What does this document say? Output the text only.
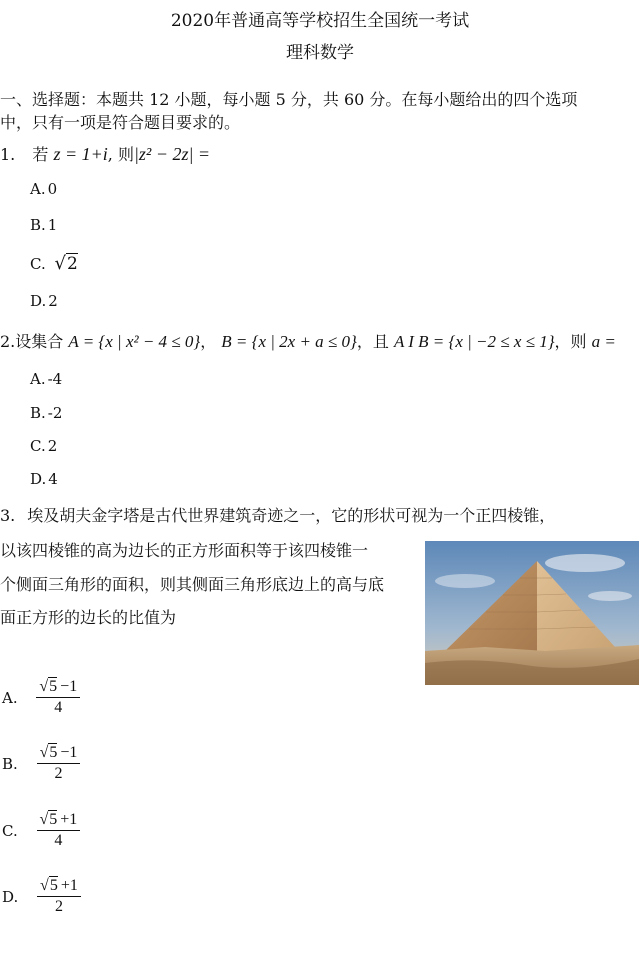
2020年普通高等学校招生全国统一考试
理科数学
一、选择题：本题共 12 小题，每小题 5 分，共 60 分。在每小题给出的四个选项
中，只有一项是符合题目要求的。
1. 若 z = 1+i, 则|z² − 2z| =
A. 0
B. 1
C. √2
D. 2
2.设集合 A = {x | x² − 4 ≤ 0}， B = {x | 2x + a ≤ 0}，且 A I B = {x | −2 ≤ x ≤ 1}，则 a =
A. -4
B. -2
C. 2
D. 4
3. 埃及胡夫金字塔是古代世界建筑奇迹之一，它的形状可视为一个正四棱锥，
以该四棱锥的高为边长的正方形面积等于该四棱锥一
个侧面三角形的面积，则其侧面三角形底边上的高与底
面正方形的边长的比值为
A. $\frac{√5 -1}{4}$
B. $\frac{√5 -1}{2}$
C. $\frac{√5 +1}{4}$
D. $\frac{√5 +1}{2}$
